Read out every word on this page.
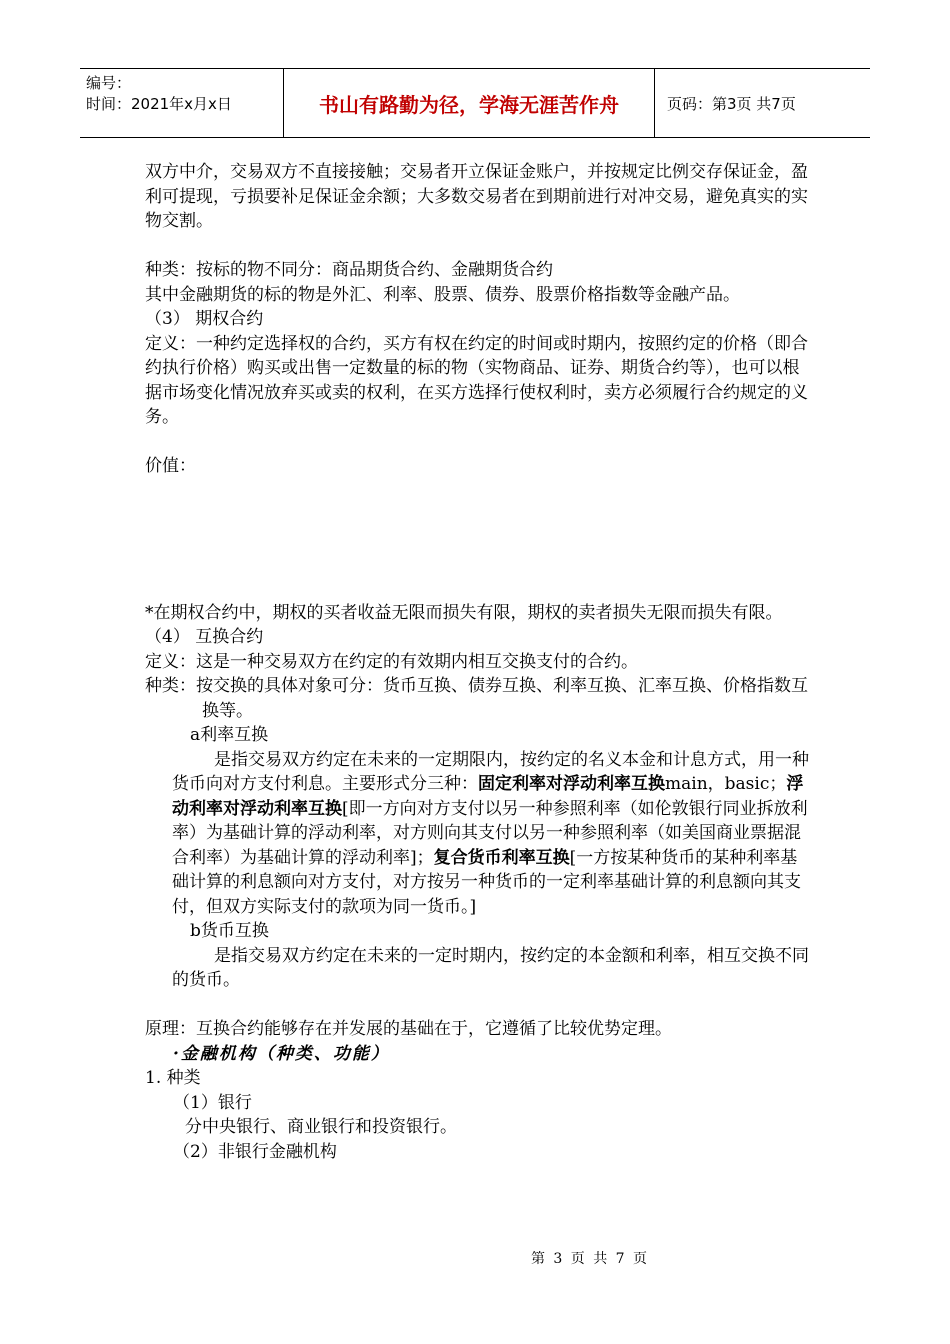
编号：
时间：2021年x月x日	书山有路勤为径，学海无涯苦作舟	页码：第3页 共7页

双方中介，交易双方不直接接触；交易者开立保证金账户，并按规定比例交存保证金，盈利可提现，亏损要补足保证金余额；大多数交易者在到期前进行对冲交易，避免真实的实物交割。

种类：按标的物不同分：商品期货合约、金融期货合约

其中金融期货的标的物是外汇、利率、股票、债券、股票价格指数等金融产品。

（3） 期权合约

定义：一种约定选择权的合约，买方有权在约定的时间或时期内，按照约定的价格（即合约执行价格）购买或出售一定数量的标的物（实物商品、证券、期货合约等），也可以根据市场变化情况放弃买或卖的权利，在买方选择行使权利时，卖方必须履行合约规定的义务。

价值：

*在期权合约中，期权的买者收益无限而损失有限，期权的卖者损失无限而损失有限。

（4） 互换合约

定义：这是一种交易双方在约定的有效期内相互交换支付的合约。

种类：按交换的具体对象可分：货币互换、债券互换、利率互换、汇率互换、价格指数互换等。

a利率互换

是指交易双方约定在未来的一定期限内，按约定的名义本金和计息方式，用一种货币向对方支付利息。主要形式分三种：固定利率对浮动利率互换main，basic；浮动利率对浮动利率互换[即一方向对方支付以另一种参照利率（如伦敦银行同业拆放利率）为基础计算的浮动利率，对方则向其支付以另一种参照利率（如美国商业票据混合利率）为基础计算的浮动利率]；复合货币利率互换[一方按某种货币的某种利率基础计算的利息额向对方支付，对方按另一种货币的一定利率基础计算的利息额向其支付，但双方实际支付的款项为同一货币。]

b货币互换

是指交易双方约定在未来的一定时期内，按约定的本金额和利率，相互交换不同的货币。

原理：互换合约能够存在并发展的基础在于，它遵循了比较优势定理。

·金融机构（种类、功能）

1. 种类

（1）银行

分中央银行、商业银行和投资银行。

（2）非银行金融机构

第 3 页 共 7 页
